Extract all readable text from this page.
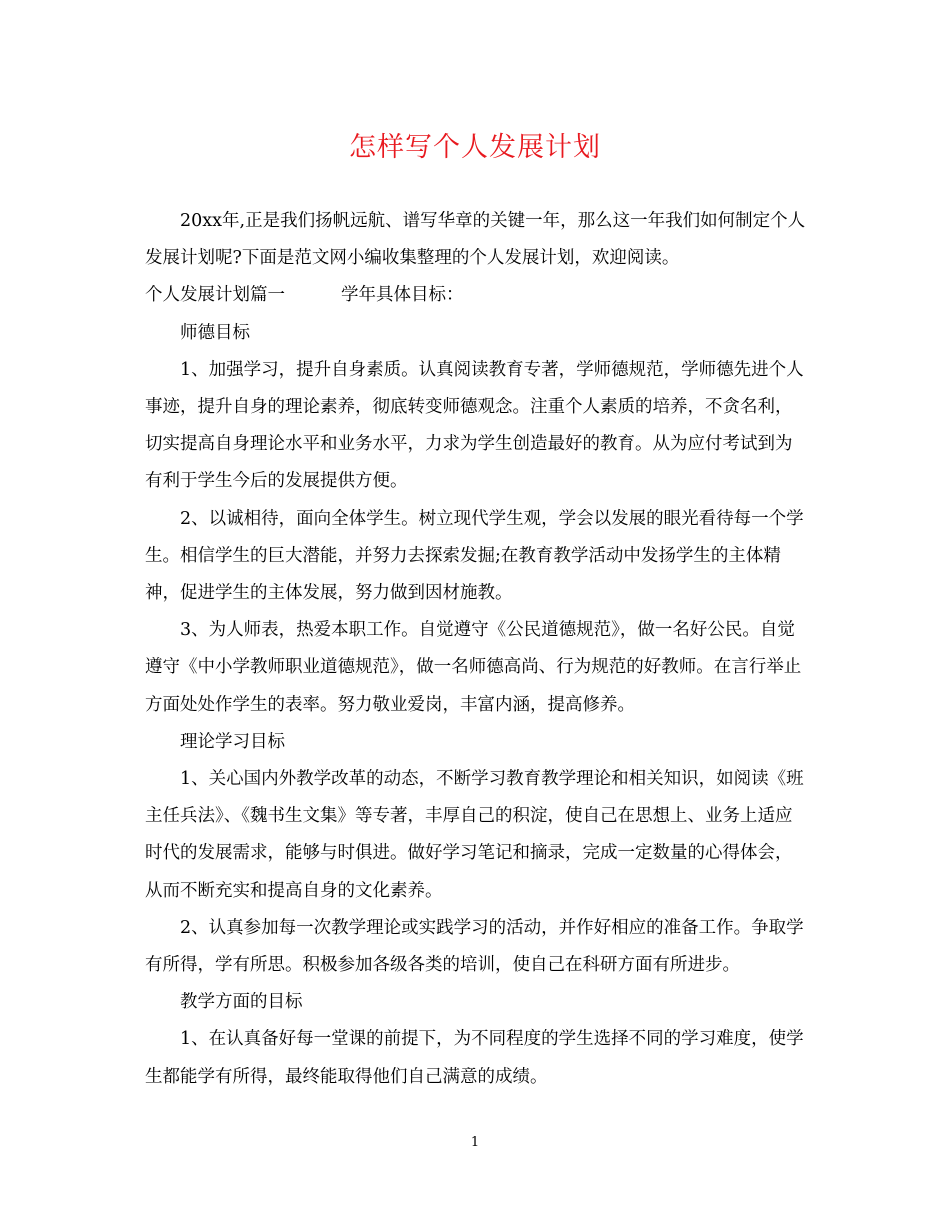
怎样写个人发展计划

20xx年,正是我们扬帆远航、谱写华章的关键一年，那么这一年我们如何制定个人发展计划呢?下面是范文网小编收集整理的个人发展计划，欢迎阅读。

个人发展计划篇一	学年具体目标：

师德目标

1、加强学习，提升自身素质。认真阅读教育专著，学师德规范，学师德先进个人事迹，提升自身的理论素养，彻底转变师德观念。注重个人素质的培养，不贪名利，切实提高自身理论水平和业务水平，力求为学生创造最好的教育。从为应付考试到为有利于学生今后的发展提供方便。

2、以诚相待，面向全体学生。树立现代学生观，学会以发展的眼光看待每一个学生。相信学生的巨大潜能，并努力去探索发掘;在教育教学活动中发扬学生的主体精神，促进学生的主体发展，努力做到因材施教。

3、为人师表，热爱本职工作。自觉遵守《公民道德规范》，做一名好公民。自觉遵守《中小学教师职业道德规范》，做一名师德高尚、行为规范的好教师。在言行举止方面处处作学生的表率。努力敬业爱岗，丰富内涵，提高修养。

理论学习目标

1、关心国内外教学改革的动态，不断学习教育教学理论和相关知识，如阅读《班主任兵法》、《魏书生文集》等专著，丰厚自己的积淀，使自己在思想上、业务上适应时代的发展需求，能够与时俱进。做好学习笔记和摘录，完成一定数量的心得体会，从而不断充实和提高自身的文化素养。

2、认真参加每一次教学理论或实践学习的活动，并作好相应的准备工作。争取学有所得，学有所思。积极参加各级各类的培训，使自己在科研方面有所进步。

教学方面的目标

1、在认真备好每一堂课的前提下，为不同程度的学生选择不同的学习难度，使学生都能学有所得，最终能取得他们自己满意的成绩。

1
